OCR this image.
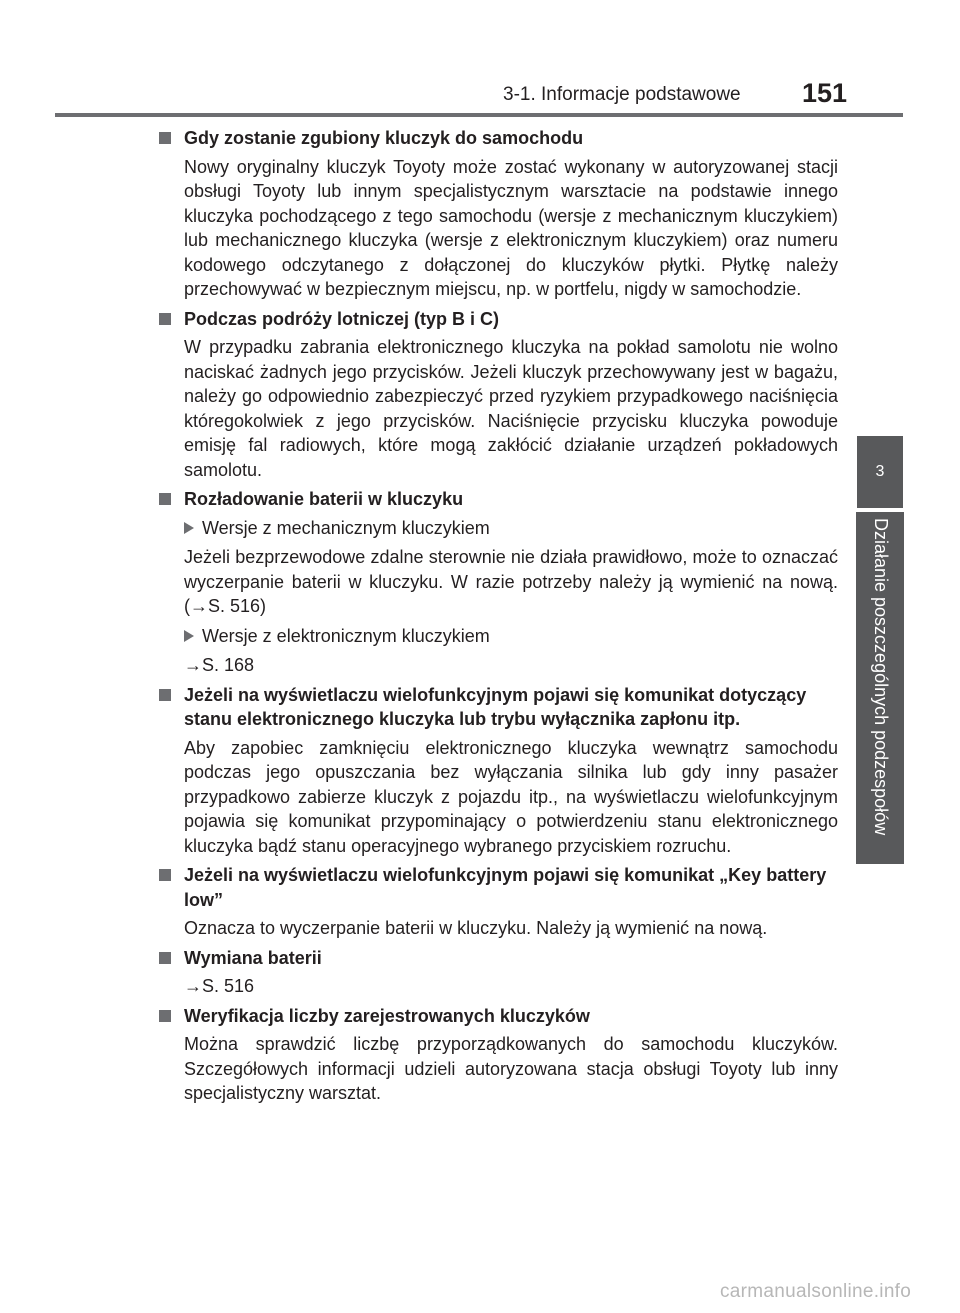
3-1. Informacje podstawowe 151
3
Działanie poszczególnych podzespołów
Gdy zostanie zgubiony kluczyk do samochodu
Nowy oryginalny kluczyk Toyoty może zostać wykonany w autoryzowanej stacji obsługi Toyoty lub innym specjalistycznym warsztacie na podstawie innego kluczyka pochodzącego z tego samochodu (wersje z mechanicznym kluczykiem) lub mechanicznego kluczyka (wersje z elektronicznym kluczykiem) oraz numeru kodowego odczytanego z dołączonej do kluczyków płytki. Płytkę należy przechowywać w bezpiecznym miejscu, np. w portfelu, nigdy w samochodzie.
Podczas podróży lotniczej (typ B i C)
W przypadku zabrania elektronicznego kluczyka na pokład samolotu nie wolno naciskać żadnych jego przycisków. Jeżeli kluczyk przechowywany jest w bagażu, należy go odpowiednio zabezpieczyć przed ryzykiem przypadkowego naciśnięcia któregokolwiek z jego przycisków. Naciśnięcie przycisku kluczyka powoduje emisję fal radiowych, które mogą zakłócić działanie urządzeń pokładowych samolotu.
Rozładowanie baterii w kluczyku
Wersje z mechanicznym kluczykiem
Jeżeli bezprzewodowe zdalne sterownie nie działa prawidłowo, może to oznaczać wyczerpanie baterii w kluczyku. W razie potrzeby należy ją wymienić na nową. (→S. 516)
Wersje z elektronicznym kluczykiem
→S. 168
Jeżeli na wyświetlaczu wielofunkcyjnym pojawi się komunikat dotyczący stanu elektronicznego kluczyka lub trybu wyłącznika zapłonu itp.
Aby zapobiec zamknięciu elektronicznego kluczyka wewnątrz samochodu podczas jego opuszczania bez wyłączania silnika lub gdy inny pasażer przypadkowo zabierze kluczyk z pojazdu itp., na wyświetlaczu wielofunkcyjnym pojawia się komunikat przypominający o potwierdzeniu stanu elektronicznego kluczyka bądź stanu operacyjnego wybranego przyciskiem rozruchu.
Jeżeli na wyświetlaczu wielofunkcyjnym pojawi się komunikat „Key battery low”
Oznacza to wyczerpanie baterii w kluczyku. Należy ją wymienić na nową.
Wymiana baterii
→S. 516
Weryfikacja liczby zarejestrowanych kluczyków
Można sprawdzić liczbę przyporządkowanych do samochodu kluczyków. Szczegółowych informacji udzieli autoryzowana stacja obsługi Toyoty lub inny specjalistyczny warsztat.
carmanualsonline.info
